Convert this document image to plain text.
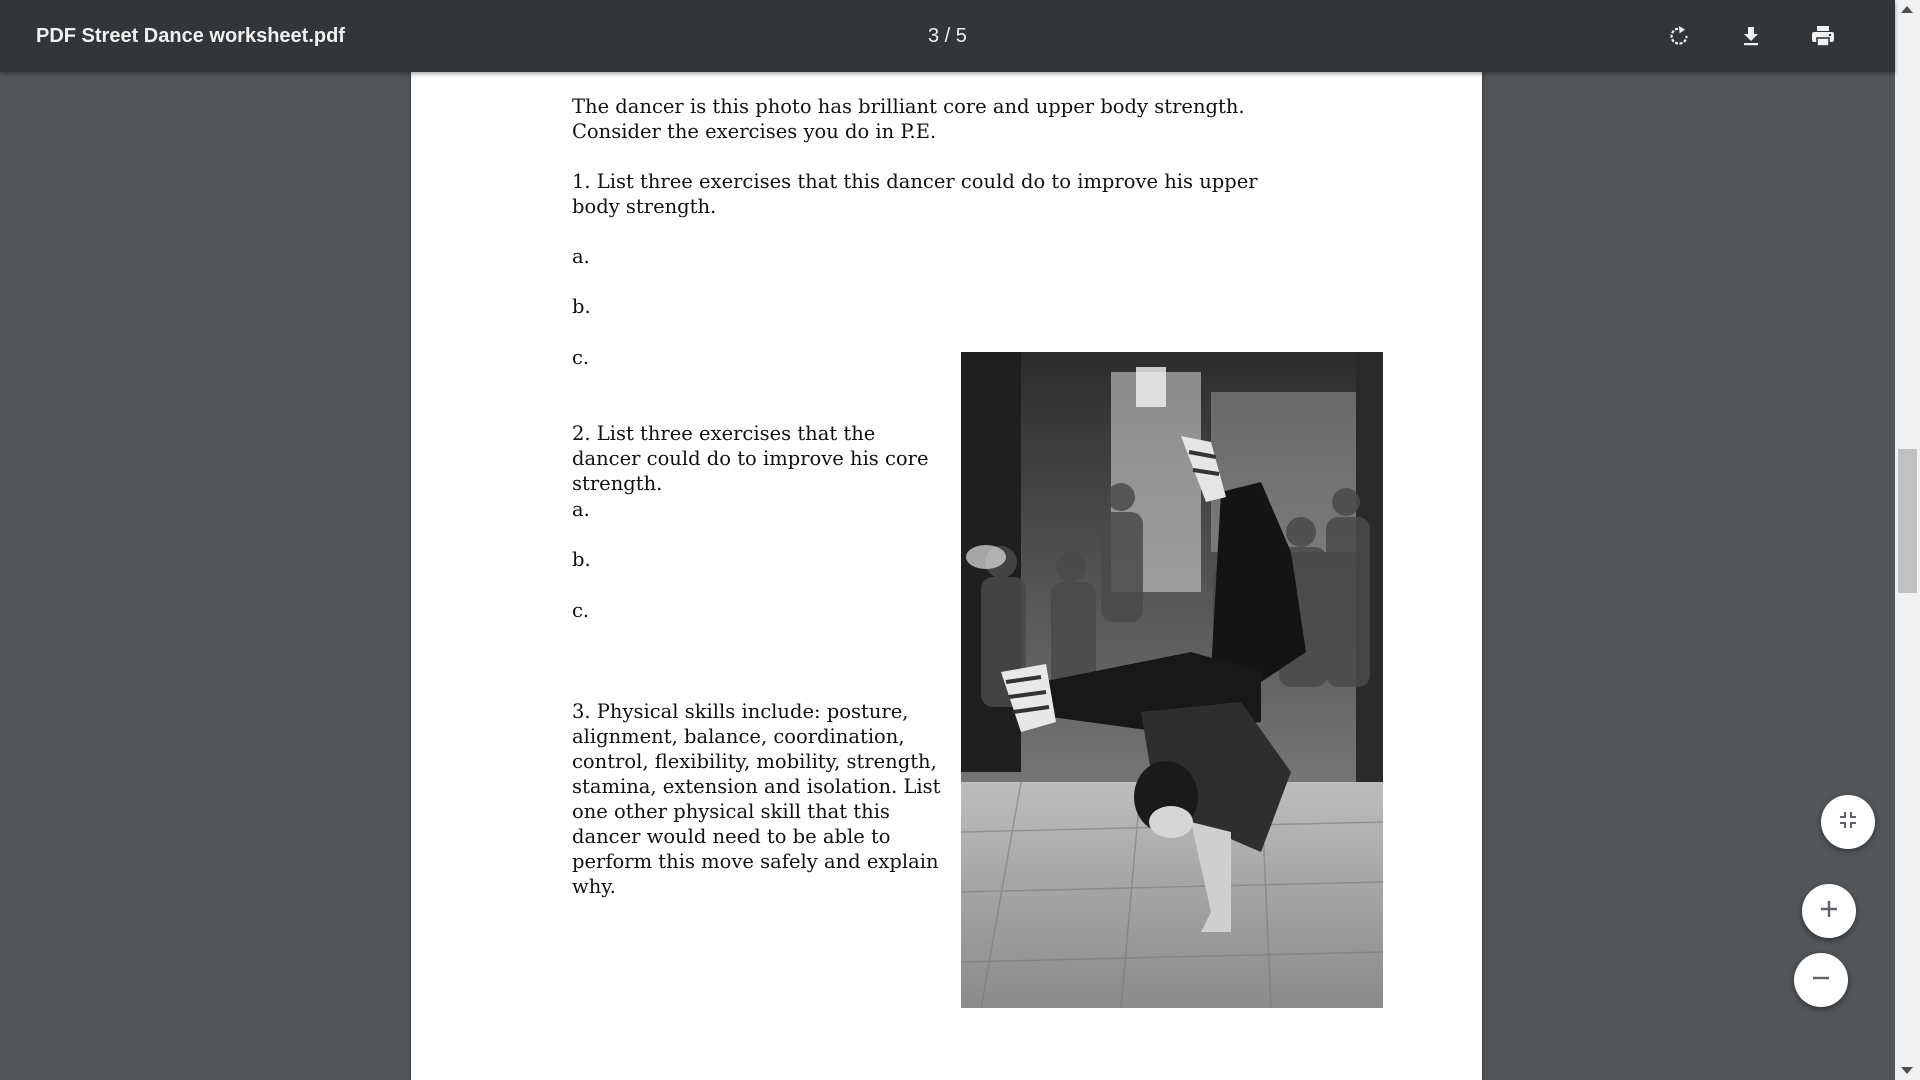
PDF Street Dance worksheet.pdf	3 / 5

The dancer is this photo has brilliant core and upper body strength. Consider the exercises you do in P.E.

1. List three exercises that this dancer could do to improve his upper body strength.

a.
b.
c.

2. List three exercises that the dancer could do to improve his core strength.

a.
b.
c.

3. Physical skills include: posture, alignment, balance, coordination, control, flexibility, mobility, strength, stamina, extension and isolation. List one other physical skill that this dancer would need to be able to perform this move safely and explain why.
